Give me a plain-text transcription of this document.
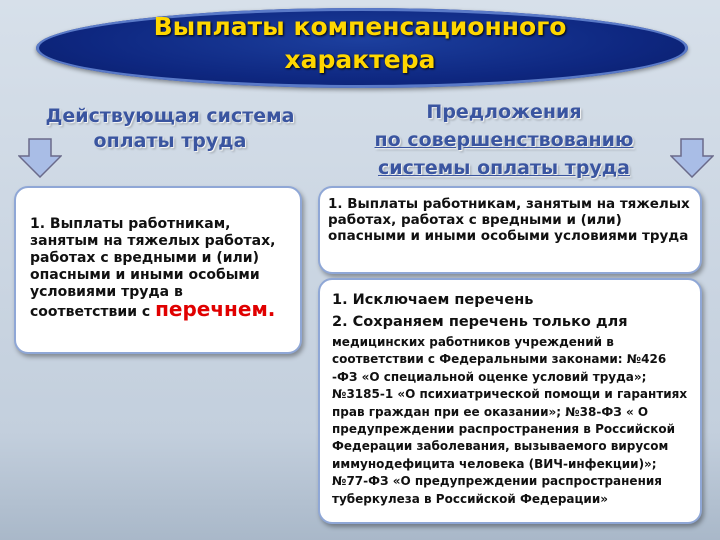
Выплаты компенсационного
характера
Действующая система
оплаты труда
Предложения
по совершенствованию
системы оплаты труда
1. Выплаты работникам, занятым на тяжелых работах, работах с вредными и (или) опасными и иными особыми условиями труда в соответствии с перечнем.
1. Выплаты работникам, занятым на тяжелых работах, работах с вредными и (или) опасными и иными особыми условиями труда
1. Исключаем перечень
2. Сохраняем перечень только для
медицинских работников учреждений в соответствии с Федеральными законами: №426 -ФЗ «О специальной оценке условий труда»; №3185-1 «О психиатрической помощи и гарантиях прав граждан при ее оказании»; №38-ФЗ « О предупреждении распространения в Российской Федерации заболевания, вызываемого вирусом иммунодефицита человека (ВИЧ-инфекции)»; №77-ФЗ «О предупреждении распространения туберкулеза в Российской Федерации»
